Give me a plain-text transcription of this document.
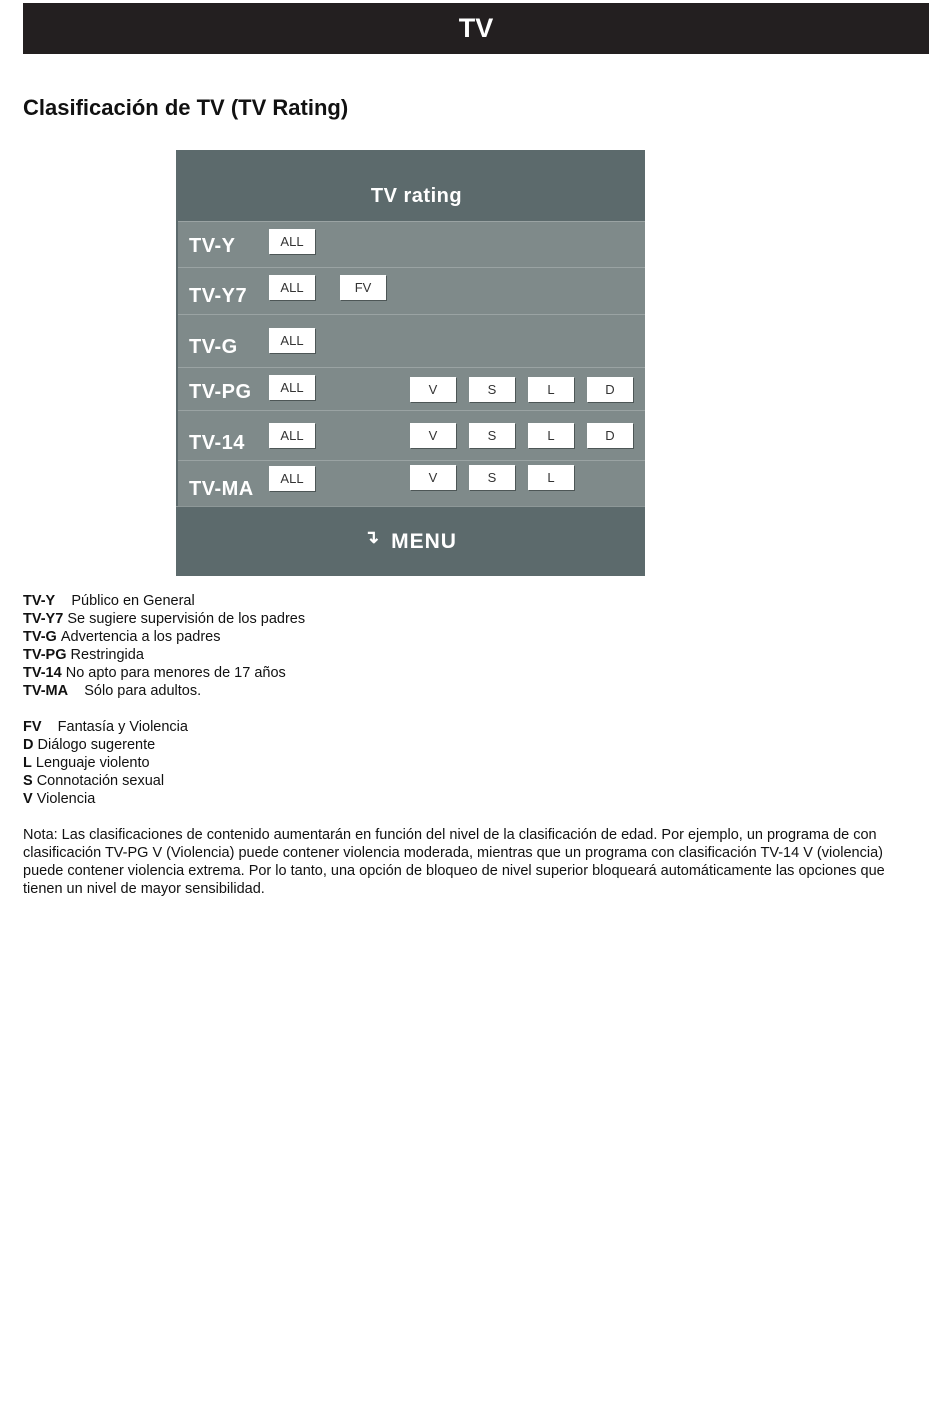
TV
Clasificación de TV (TV Rating)
TV rating
TV-Y	ALL
TV-Y7	ALL	FV
TV-G	ALL
TV-PG	ALL	V	S	L	D
TV-14	ALL	V	S	L	D
TV-MA	ALL	V	S	L
↴ MENU
TV-Y Público en General
TV-Y7 Se sugiere supervisión de los padres
TV-G Advertencia a los padres
TV-PG Restringida
TV-14 No apto para menores de 17 años
TV-MA Sólo para adultos.
FV Fantasía y Violencia
D Diálogo sugerente
L Lenguaje violento
S Connotación sexual
V Violencia
Nota: Las clasificaciones de contenido aumentarán en función del nivel de la clasificación de edad. Por ejemplo, un programa de con clasificación TV-PG V (Violencia) puede contener violencia moderada, mientras que un programa con clasificación TV-14 V (violencia) puede contener violencia extrema. Por lo tanto, una opción de bloqueo de nivel superior bloqueará automáticamente las opciones que tienen un nivel de mayor sensibilidad.
